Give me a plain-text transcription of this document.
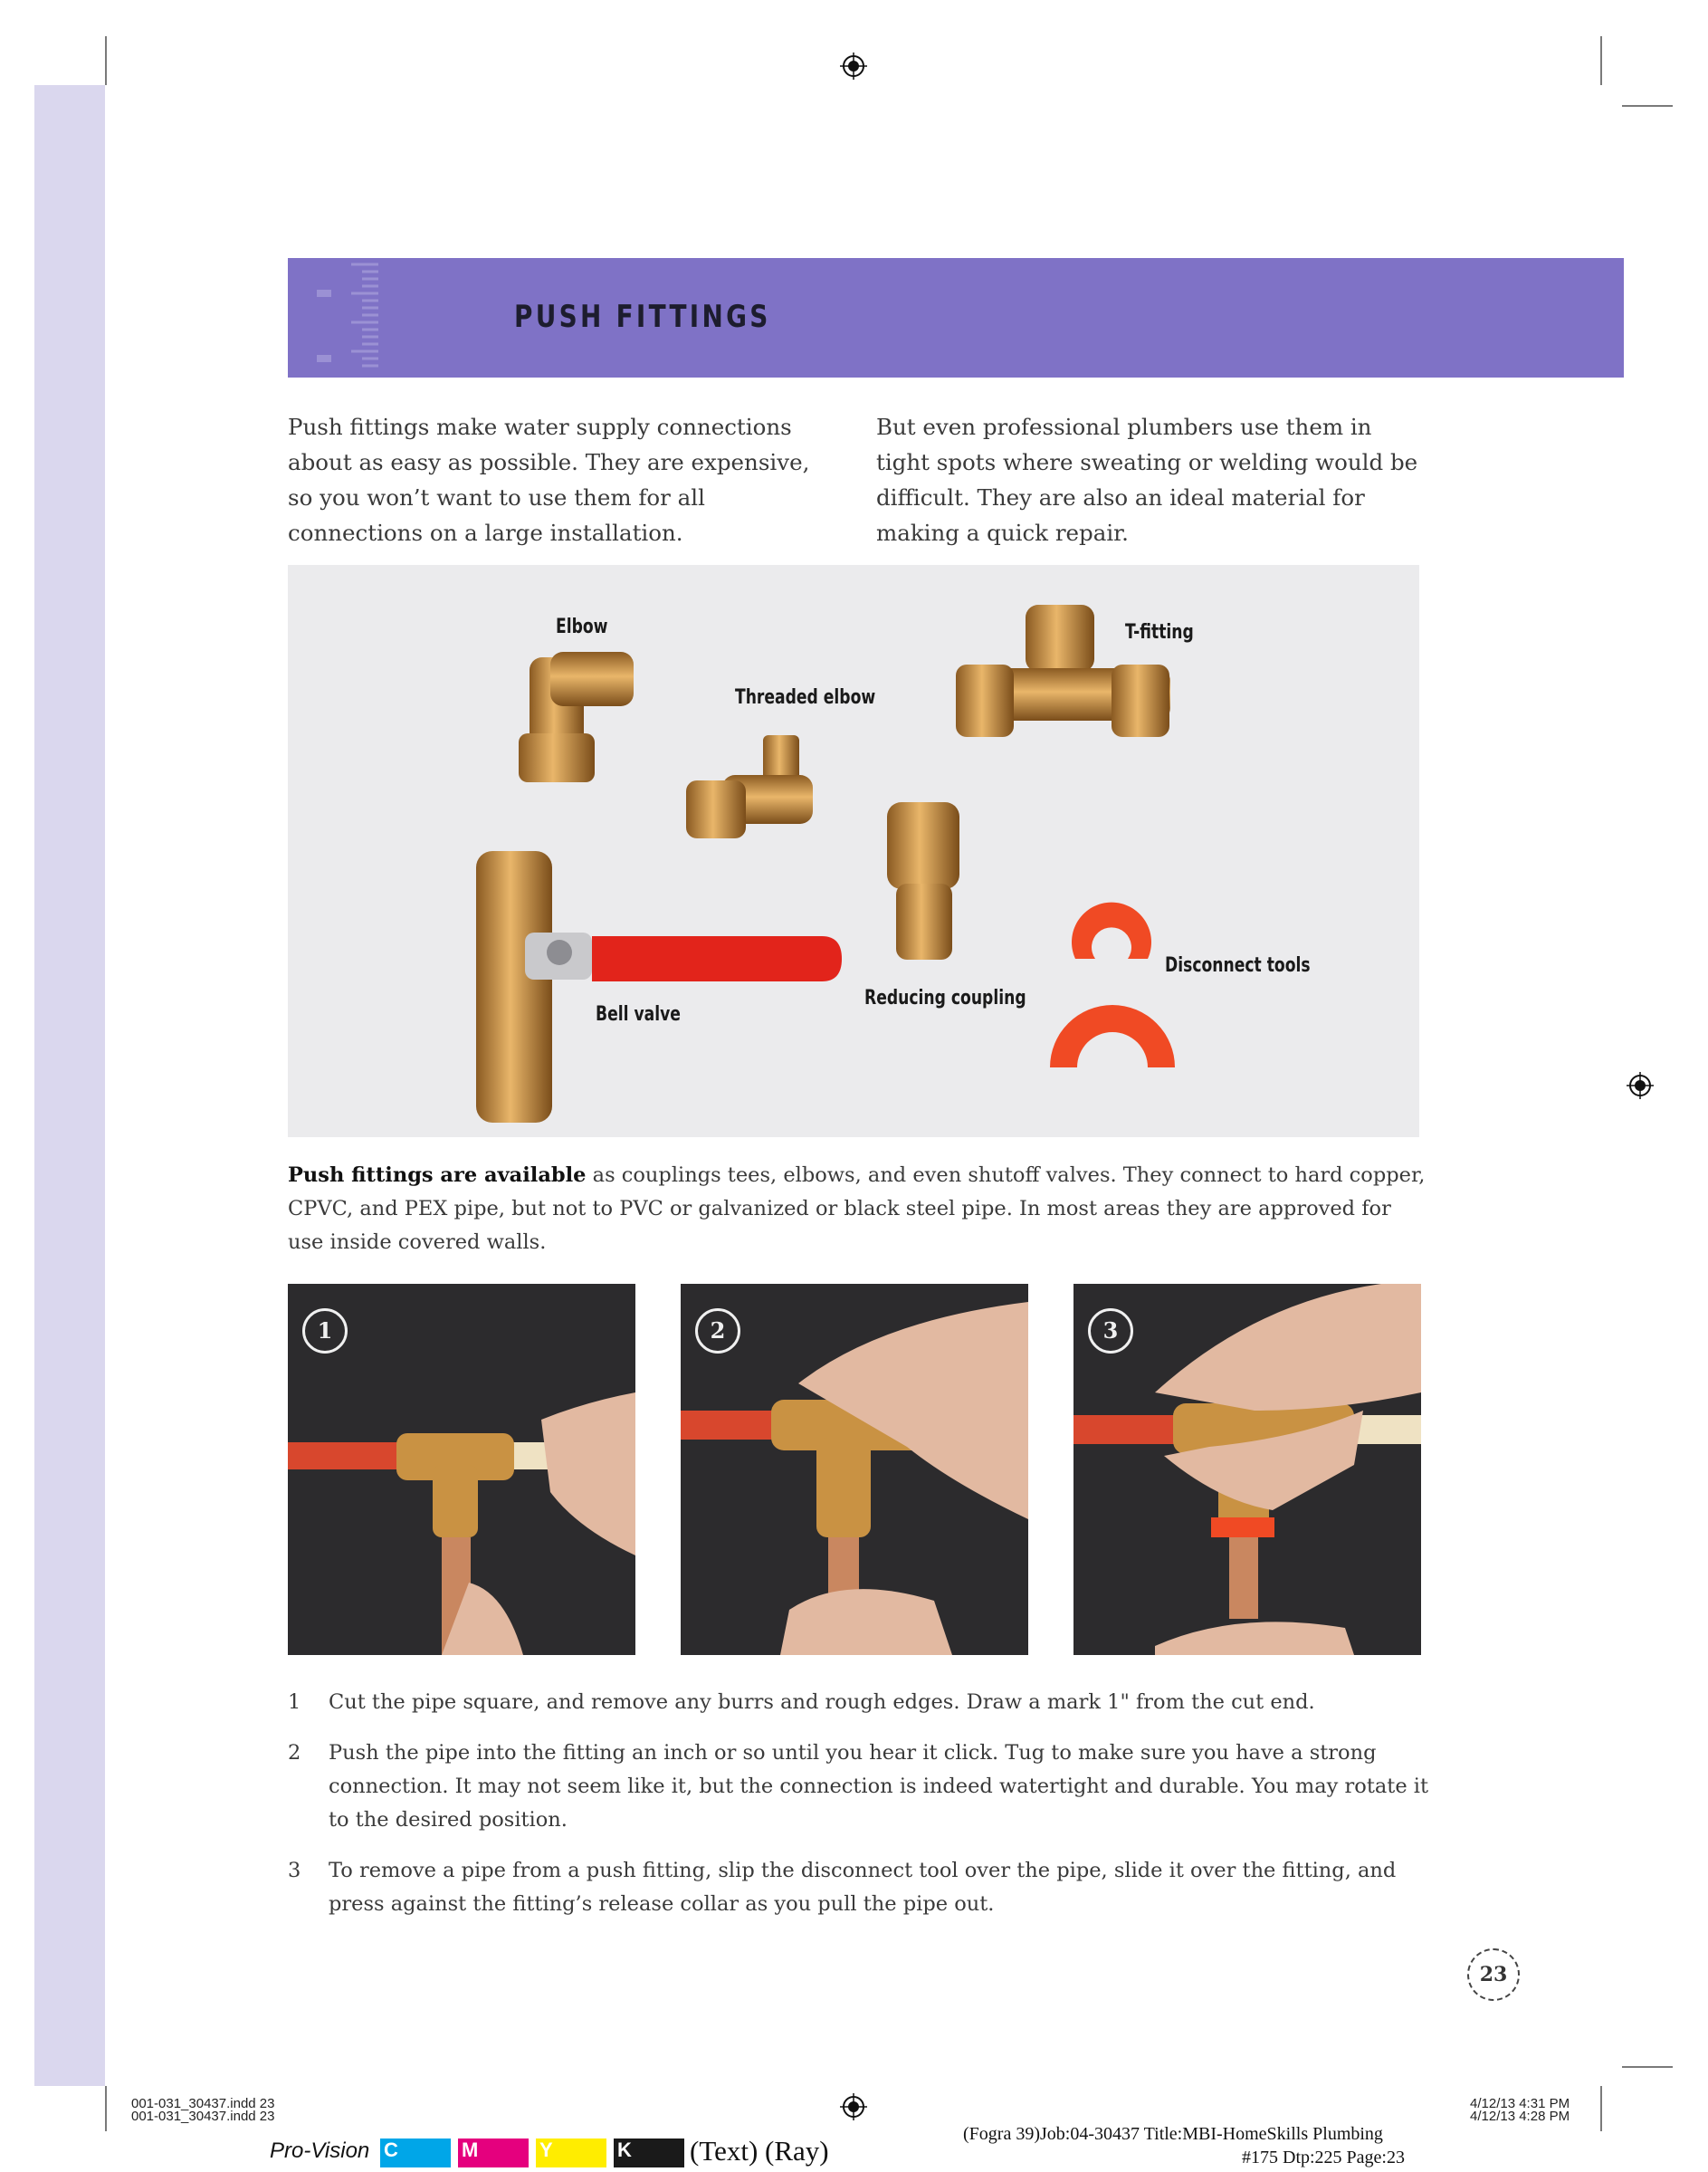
PUSH FITTINGS
Push fittings make water supply connections about as easy as possible. They are expensive, so you won’t want to use them for all connections on a large installation.
But even professional plumbers use them in tight spots where sweating or welding would be difficult. They are also an ideal material for making a quick repair.
Elbow
Threaded elbow
T-fitting
Disconnect tools
Reducing coupling
Bell valve
Push fittings are available as couplings tees, elbows, and even shutoff valves. They connect to hard copper, CPVC, and PEX pipe, but not to PVC or galvanized or black steel pipe. In most areas they are approved for use inside covered walls.
1	2	3
1	Cut the pipe square, and remove any burrs and rough edges. Draw a mark 1" from the cut end.
2	Push the pipe into the fitting an inch or so until you hear it click. Tug to make sure you have a strong connection. It may not seem like it, but the connection is indeed watertight and durable. You may rotate it to the desired position.
3	To remove a pipe from a push fitting, slip the disconnect tool over the pipe, slide it over the fitting, and press against the fitting’s release collar as you pull the pipe out.
23
001-031_30437.indd 23
001-031_30437.indd 23
4/12/13 4:31 PM
4/12/13 4:28 PM
Pro-Vision C	M	Y	K (Text) (Ray)
(Fogra 39)Job:04-30437 Title:MBI-HomeSkills Plumbing
#175 Dtp:225 Page:23
